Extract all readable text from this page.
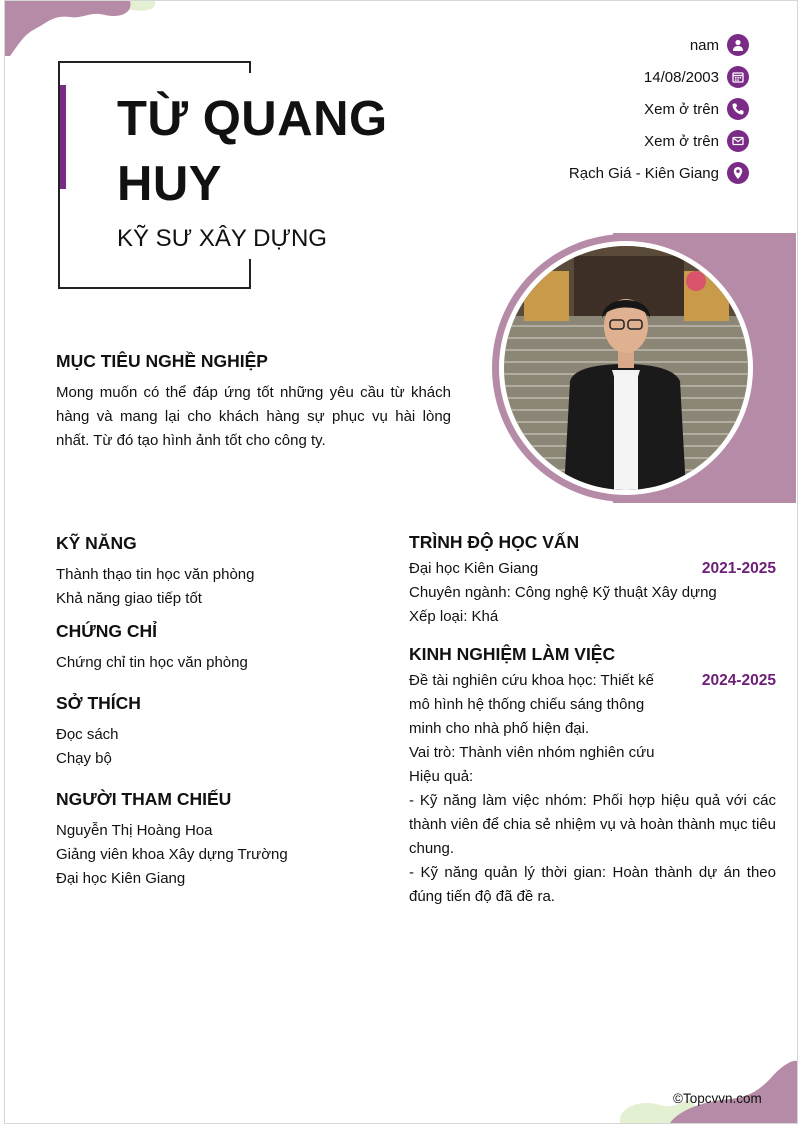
TỪ QUANG
HUY
KỸ SƯ XÂY DỰNG
nam
14/08/2003
Xem ở trên
Xem ở trên
Rạch Giá - Kiên Giang
MỤC TIÊU NGHỀ NGHIỆP
Mong muốn có thể đáp ứng tốt những yêu cầu từ khách hàng và mang lại cho khách hàng sự phục vụ hài lòng nhất. Từ đó tạo hình ảnh tốt cho công ty.
KỸ NĂNG
Thành thạo tin học văn phòng
Khả năng giao tiếp tốt
CHỨNG CHỈ
Chứng chỉ tin học văn phòng
SỞ THÍCH
Đọc sách
Chạy bộ
NGƯỜI THAM CHIẾU
Nguyễn Thị Hoàng Hoa
Giảng viên khoa Xây dựng Trường
Đại học Kiên Giang
TRÌNH ĐỘ HỌC VẤN
Đại học Kiên Giang	2021-2025
Chuyên ngành: Công nghệ Kỹ thuật Xây dựng
Xếp loại: Khá
KINH NGHIỆM LÀM VIỆC
2024-2025
Đề tài nghiên cứu khoa học: Thiết kế
mô hình hệ thống chiếu sáng thông
minh cho nhà phố hiện đại.
Vai trò: Thành viên nhóm nghiên cứu
Hiệu quả:
- Kỹ năng làm việc nhóm: Phối hợp hiệu quả với các thành viên để chia sẻ nhiệm vụ và hoàn thành mục tiêu chung.
- Kỹ năng quản lý thời gian: Hoàn thành dự án theo đúng tiến độ đã đề ra.
©Topcvvn.com
